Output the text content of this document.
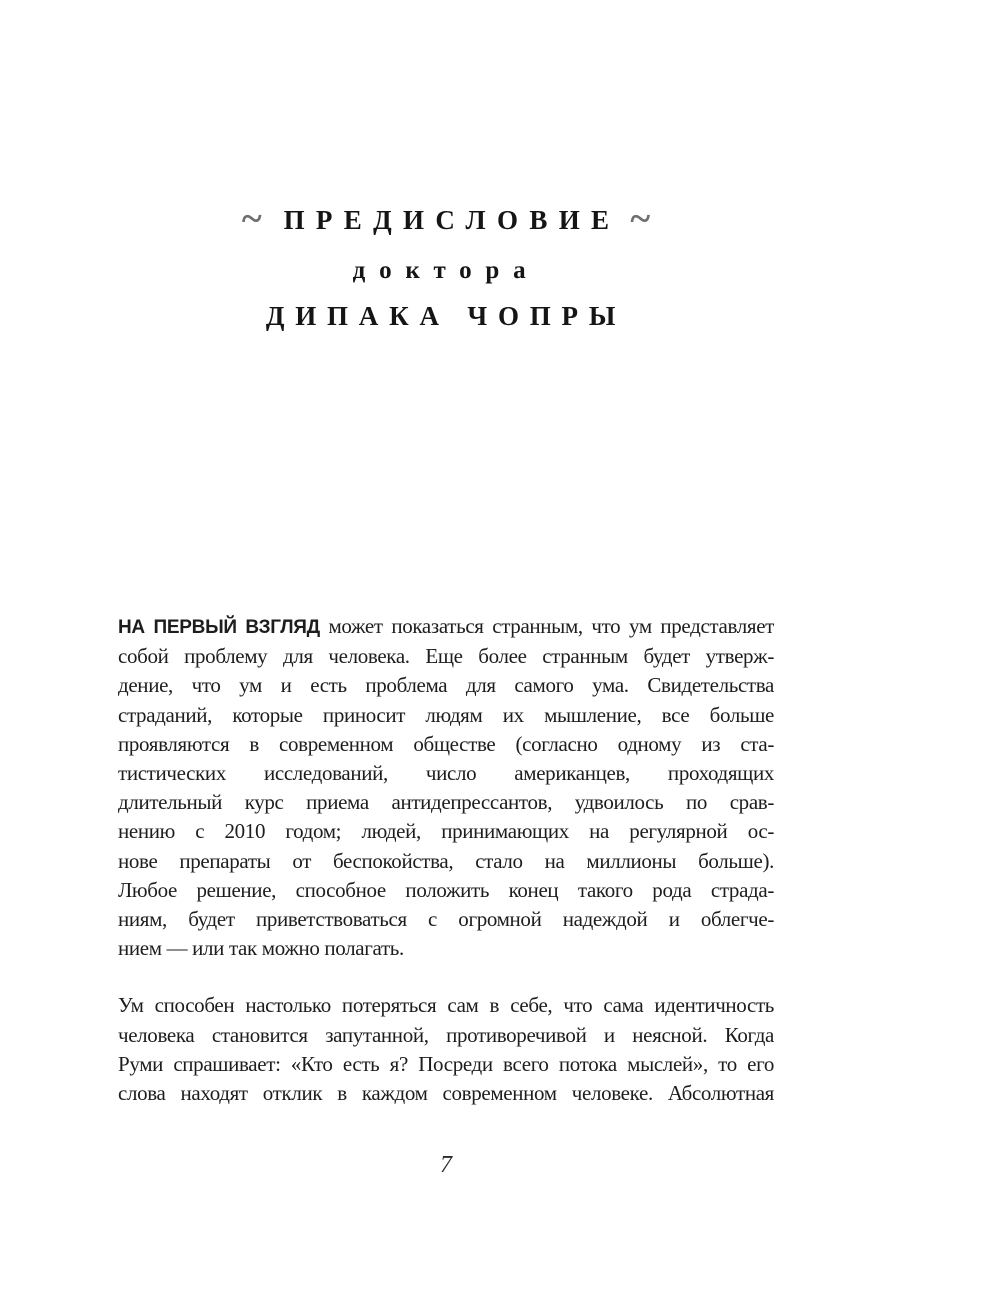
~ ПРЕДИСЛОВИЕ ~
доктора
ДИПАКА ЧОПРЫ
НА ПЕРВЫЙ ВЗГЛЯД может показаться странным, что ум представляет
собой проблему для человека. Еще более странным будет утверж-
дение, что ум и есть проблема для самого ума. Свидетельства
страданий, которые приносит людям их мышление, все больше
проявляются в современном обществе (согласно одному из ста-
тистических исследований, число американцев, проходящих
длительный курс приема антидепрессантов, удвоилось по срав-
нению с 2010 годом; людей, принимающих на регулярной ос-
нове препараты от беспокойства, стало на миллионы больше).
Любое решение, способное положить конец такого рода страда-
ниям, будет приветствоваться с огромной надеждой и облегче-
нием — или так можно полагать.
Ум способен настолько потеряться сам в себе, что сама идентичность
человека становится запутанной, противоречивой и неясной. Когда
Руми спрашивает: «Кто есть я? Посреди всего потока мыслей», то его
слова находят отклик в каждом современном человеке. Абсолютная
7
